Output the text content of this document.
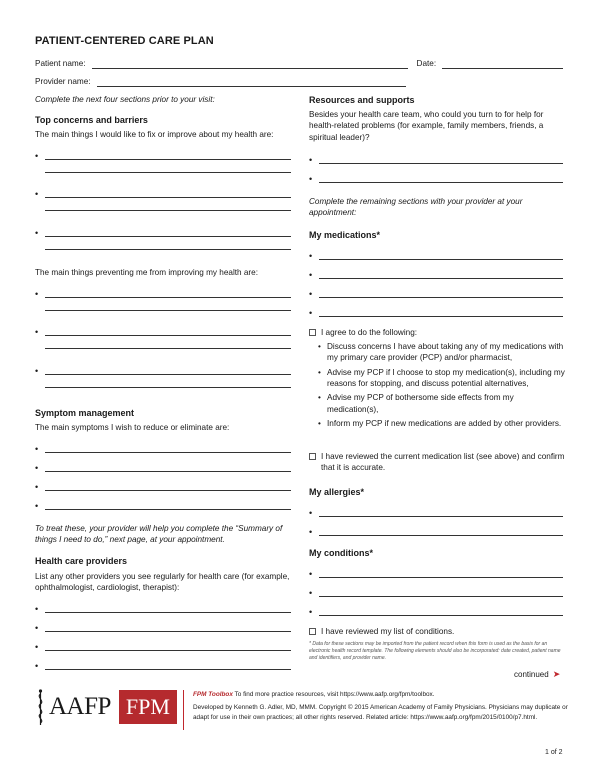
PATIENT-CENTERED CARE PLAN
Patient name:	Date:
Provider name:
Complete the next four sections prior to your visit:
Top concerns and barriers
The main things I would like to fix or improve about my health are:
•
•
•
The main things preventing me from improving my health are:
•
•
•
Symptom management
The main symptoms I wish to reduce or eliminate are:
•
•
•
•
To treat these, your provider will help you complete the “Summary of things I need to do,” next page, at your appointment.
Health care providers
List any other providers you see regularly for health care (for example, ophthalmologist, cardiologist, therapist):
•
•
•
•
Resources and supports
Besides your health care team, who could you turn to for help for health-related problems (for example, family members, friends, a spiritual leader)?
•
•
Complete the remaining sections with your provider at your appointment:
My medications*
•
•
•
•
I agree to do the following:
• Discuss concerns I have about taking any of my medications with my primary care provider (PCP) and/or pharmacist,
• Advise my PCP if I choose to stop my medication(s), including my reasons for stopping, and discuss potential alternatives,
• Advise my PCP of bothersome side effects from my medication(s),
• Inform my PCP if new medications are added by other providers.
I have reviewed the current medication list (see above) and confirm that it is accurate.
My allergies*
•
•
My conditions*
•
•
•
I have reviewed my list of conditions.
* Data for these sections may be imported from the patient record when this form is used as the basis for an electronic health record template. The following elements should also be incorporated: date created, patient name and identifiers, and provider name.
continued ➤
AAFP FPM	FPM Toolbox To find more practice resources, visit https://www.aafp.org/fpm/toolbox.
Developed by Kenneth G. Adler, MD, MMM. Copyright © 2015 American Academy of Family Physicians. Physicians may duplicate or adapt for use in their own practices; all other rights reserved. Related article: https://www.aafp.org/fpm/2015/0100/p7.html.
1 of 2
